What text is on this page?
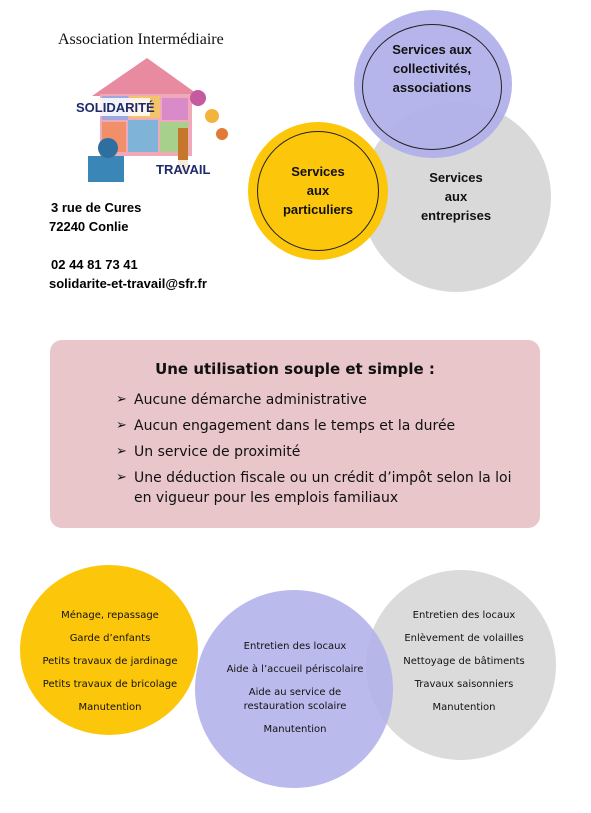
Association Intermédiaire
SOLIDARITÉ
TRAVAIL
3 rue de Cures
72240 Conlie
02 44 81 73 41
solidarite-et-travail@sfr.fr
Services aux
collectivités,
associations
Services
aux
particuliers
Services
aux
entreprises
Une utilisation souple et simple :
➢ Aucune démarche administrative
➢ Aucun engagement dans le temps et la durée
➢ Un service de proximité
➢ Une déduction fiscale ou un crédit d’impôt selon la loi en vigueur pour les emplois familiaux
Ménage, repassage
Garde d’enfants
Petits travaux de jardinage
Petits travaux de bricolage
Manutention
Entretien des locaux
Aide à l’accueil périscolaire
Aide au service de restauration scolaire
Manutention
Entretien des locaux
Enlèvement de volailles
Nettoyage de bâtiments
Travaux saisonniers
Manutention
